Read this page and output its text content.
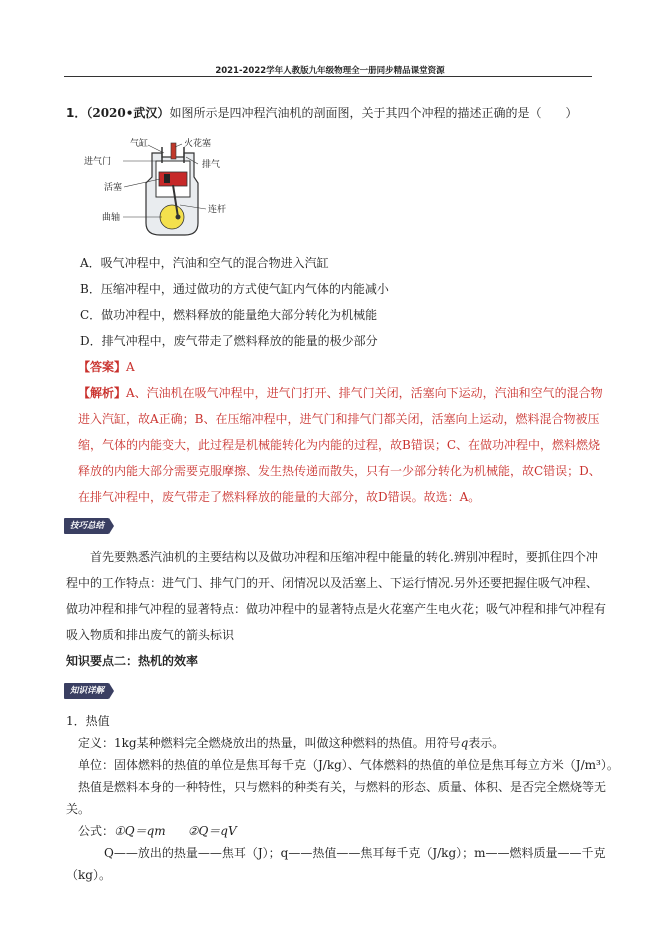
2021-2022学年人教版九年级物理全一册同步精品课堂资源
1．（2020•武汉）如图所示是四冲程汽油机的剖面图，关于其四个冲程的描述正确的是（　　）
气缸	火花塞
进气门	排气
活塞
曲轴
连杆
A．吸气冲程中，汽油和空气的混合物进入汽缸
B．压缩冲程中，通过做功的方式使气缸内气体的内能减小
C．做功冲程中，燃料释放的能量绝大部分转化为机械能
D．排气冲程中，废气带走了燃料释放的能量的极少部分
【答案】A
【解析】A、汽油机在吸气冲程中，进气门打开、排气门关闭，活塞向下运动，汽油和空气的混合物
进入汽缸，故A正确；B、在压缩冲程中，进气门和排气门都关闭，活塞向上运动，燃料混合物被压
缩，气体的内能变大，此过程是机械能转化为内能的过程，故B错误；C、在做功冲程中，燃料燃烧
释放的内能大部分需要克服摩擦、发生热传递而散失，只有一少部分转化为机械能，故C错误；D、
在排气冲程中，废气带走了燃料释放的能量的大部分，故D错误。故选：A。
技巧总结
首先要熟悉汽油机的主要结构以及做功冲程和压缩冲程中能量的转化.辨别冲程时，要抓住四个冲
程中的工作特点：进气门、排气门的开、闭情况以及活塞上、下运行情况.另外还要把握住吸气冲程、
做功冲程和排气冲程的显著特点：做功冲程中的显著特点是火花塞产生电火花；吸气冲程和排气冲程有
吸入物质和排出废气的箭头标识
知识要点二：热机的效率
知识详解
1．热值
定义：1kg某种燃料完全燃烧放出的热量，叫做这种燃料的热值。用符号q表示。
单位：固体燃料的热值的单位是焦耳每千克（J/kg）、气体燃料的热值的单位是焦耳每立方米（J/m³）。
热值是燃料本身的一种特性，只与燃料的种类有关，与燃料的形态、质量、体积、是否完全燃烧等无
关。
公式：①Q＝qm ②Q＝qV
Q——放出的热量——焦耳（J）；q——热值——焦耳每千克（J/kg）；m——燃料质量——千克
（kg）。
